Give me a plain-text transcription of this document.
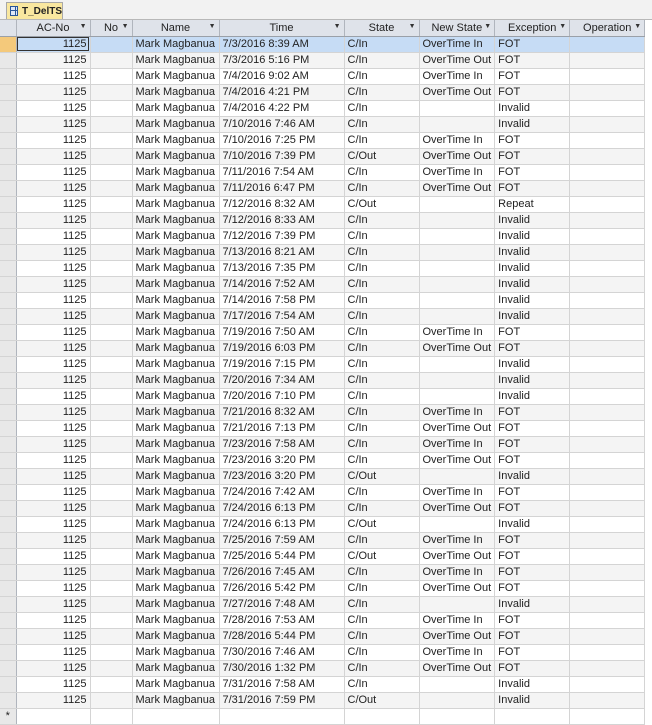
T_DelTS
	AC-No ▼	No ▼	Name ▼	Time ▼	State ▼	New State ▼	Exception ▼	Operation ▼

	1125		Mark Magbanua	7/3/2016 8:39 AM	C/In	OverTime In	FOT	
	1125		Mark Magbanua	7/3/2016 5:16 PM	C/In	OverTime Out	FOT	
	1125		Mark Magbanua	7/4/2016 9:02 AM	C/In	OverTime In	FOT	
	1125		Mark Magbanua	7/4/2016 4:21 PM	C/In	OverTime Out	FOT	
	1125		Mark Magbanua	7/4/2016 4:22 PM	C/In		Invalid	
	1125		Mark Magbanua	7/10/2016 7:46 AM	C/In		Invalid	
	1125		Mark Magbanua	7/10/2016 7:25 PM	C/In	OverTime In	FOT	
	1125		Mark Magbanua	7/10/2016 7:39 PM	C/Out	OverTime Out	FOT	
	1125		Mark Magbanua	7/11/2016 7:54 AM	C/In	OverTime In	FOT	
	1125		Mark Magbanua	7/11/2016 6:47 PM	C/In	OverTime Out	FOT	
	1125		Mark Magbanua	7/12/2016 8:32 AM	C/Out		Repeat	
	1125		Mark Magbanua	7/12/2016 8:33 AM	C/In		Invalid	
	1125		Mark Magbanua	7/12/2016 7:39 PM	C/In		Invalid	
	1125		Mark Magbanua	7/13/2016 8:21 AM	C/In		Invalid	
	1125		Mark Magbanua	7/13/2016 7:35 PM	C/In		Invalid	
	1125		Mark Magbanua	7/14/2016 7:52 AM	C/In		Invalid	
	1125		Mark Magbanua	7/14/2016 7:58 PM	C/In		Invalid	
	1125		Mark Magbanua	7/17/2016 7:54 AM	C/In		Invalid	
	1125		Mark Magbanua	7/19/2016 7:50 AM	C/In	OverTime In	FOT	
	1125		Mark Magbanua	7/19/2016 6:03 PM	C/In	OverTime Out	FOT	
	1125		Mark Magbanua	7/19/2016 7:15 PM	C/In		Invalid	
	1125		Mark Magbanua	7/20/2016 7:34 AM	C/In		Invalid	
	1125		Mark Magbanua	7/20/2016 7:10 PM	C/In		Invalid	
	1125		Mark Magbanua	7/21/2016 8:32 AM	C/In	OverTime In	FOT	
	1125		Mark Magbanua	7/21/2016 7:13 PM	C/In	OverTime Out	FOT	
	1125		Mark Magbanua	7/23/2016 7:58 AM	C/In	OverTime In	FOT	
	1125		Mark Magbanua	7/23/2016 3:20 PM	C/In	OverTime Out	FOT	
	1125		Mark Magbanua	7/23/2016 3:20 PM	C/Out		Invalid	
	1125		Mark Magbanua	7/24/2016 7:42 AM	C/In	OverTime In	FOT	
	1125		Mark Magbanua	7/24/2016 6:13 PM	C/In	OverTime Out	FOT	
	1125		Mark Magbanua	7/24/2016 6:13 PM	C/Out		Invalid	
	1125		Mark Magbanua	7/25/2016 7:59 AM	C/In	OverTime In	FOT	
	1125		Mark Magbanua	7/25/2016 5:44 PM	C/Out	OverTime Out	FOT	
	1125		Mark Magbanua	7/26/2016 7:45 AM	C/In	OverTime In	FOT	
	1125		Mark Magbanua	7/26/2016 5:42 PM	C/In	OverTime Out	FOT	
	1125		Mark Magbanua	7/27/2016 7:48 AM	C/In		Invalid	
	1125		Mark Magbanua	7/28/2016 7:53 AM	C/In	OverTime In	FOT	
	1125		Mark Magbanua	7/28/2016 5:44 PM	C/In	OverTime Out	FOT	
	1125		Mark Magbanua	7/30/2016 7:46 AM	C/In	OverTime In	FOT	
	1125		Mark Magbanua	7/30/2016 1:32 PM	C/In	OverTime Out	FOT	
	1125		Mark Magbanua	7/31/2016 7:58 AM	C/In		Invalid	
	1125		Mark Magbanua	7/31/2016 7:59 PM	C/Out		Invalid	
*								
